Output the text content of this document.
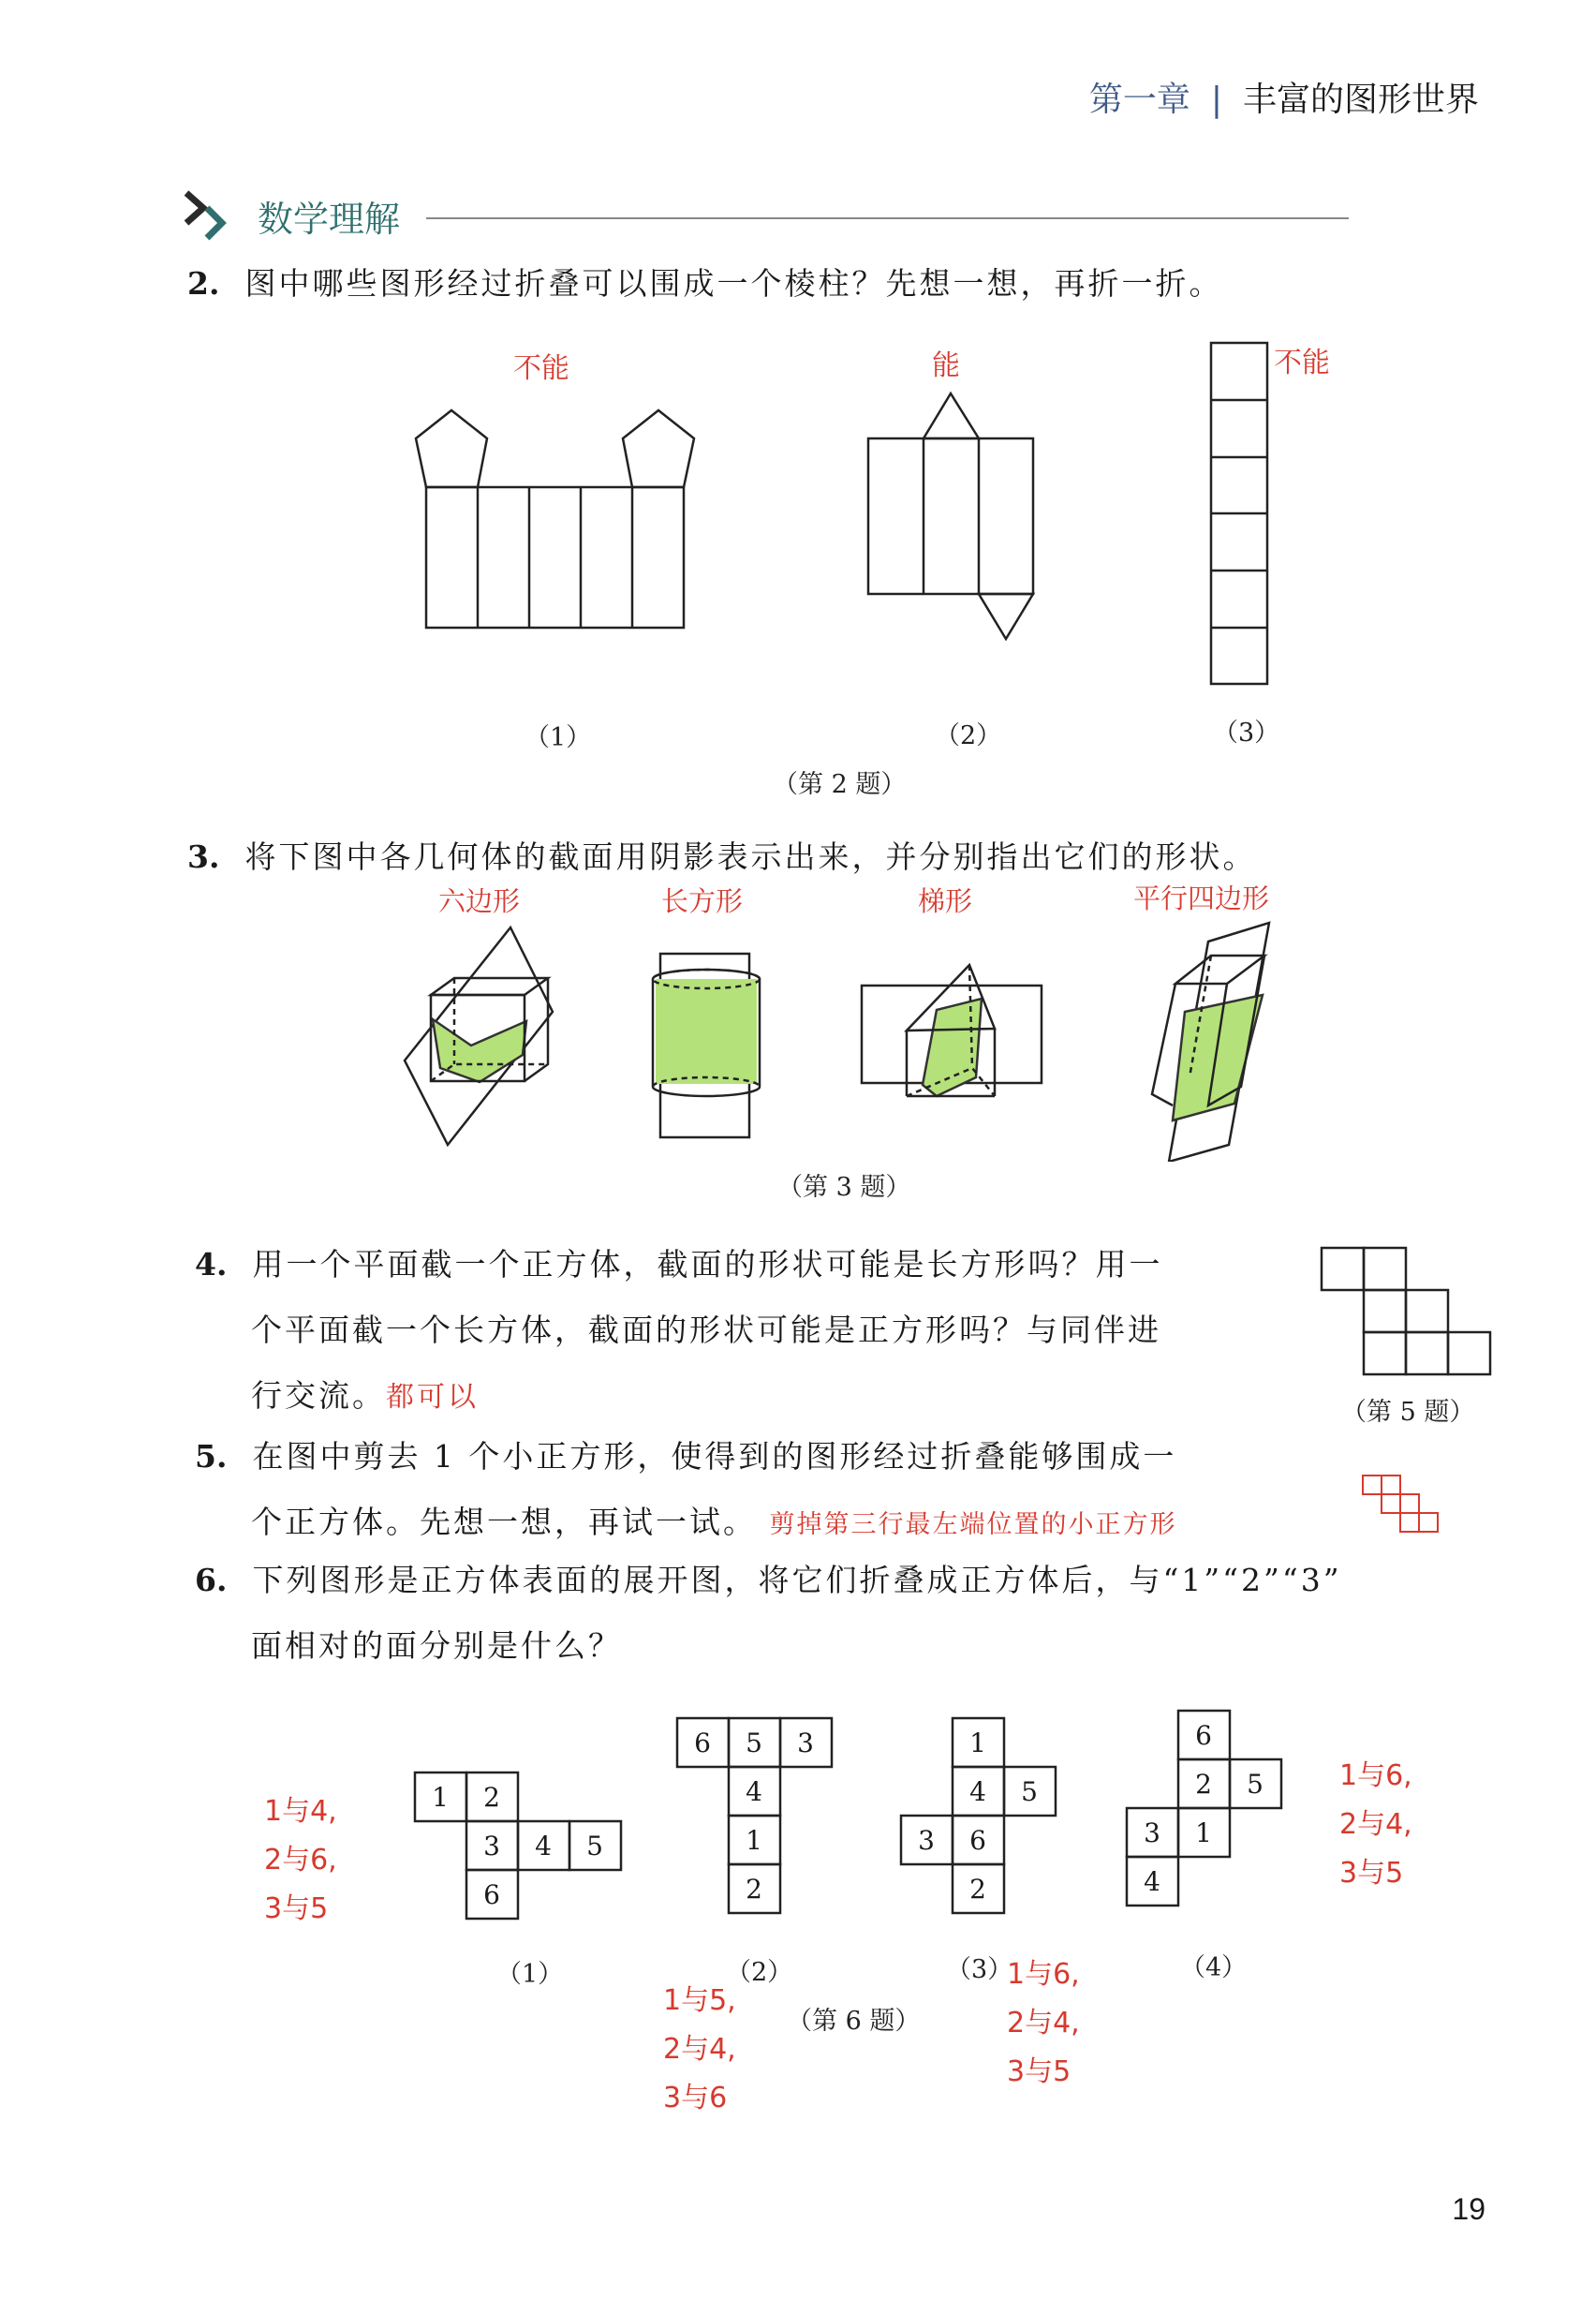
第一章 | 丰富的图形世界
数学理解
2. 图中哪些图形经过折叠可以围成一个棱柱？先想一想，再折一折。
不能	能	不能
（1）	（2）	（3）
（第 2 题）
3. 将下图中各几何体的截面用阴影表示出来，并分别指出它们的形状。
六边形	长方形	梯形	平行四边形
（第 3 题）
4. 用一个平面截一个正方体，截面的形状可能是长方形吗？用一
个平面截一个长方体，截面的形状可能是正方形吗？与同伴进
行交流。都可以	（第 5 题）
5. 在图中剪去 1 个小正方形，使得到的图形经过折叠能够围成一
个正方体。先想一想，再试一试。 剪掉第三行最左端位置的小正方形
6. 下列图形是正方体表面的展开图，将它们折叠成正方体后，与“1”“2”“3”
面相对的面分别是什么？
1 2
3 4 5
6
6 5 3
4
1
2
1
4 5
3 6
2
6
2 5
3 1
4
（1）	（2）	（3）	（4）
（第 6 题）
1与4,
2与6,
3与5
1与5,
2与4,
3与6
1与6,
2与4,
3与5
1与6,
2与4,
3与5
19
